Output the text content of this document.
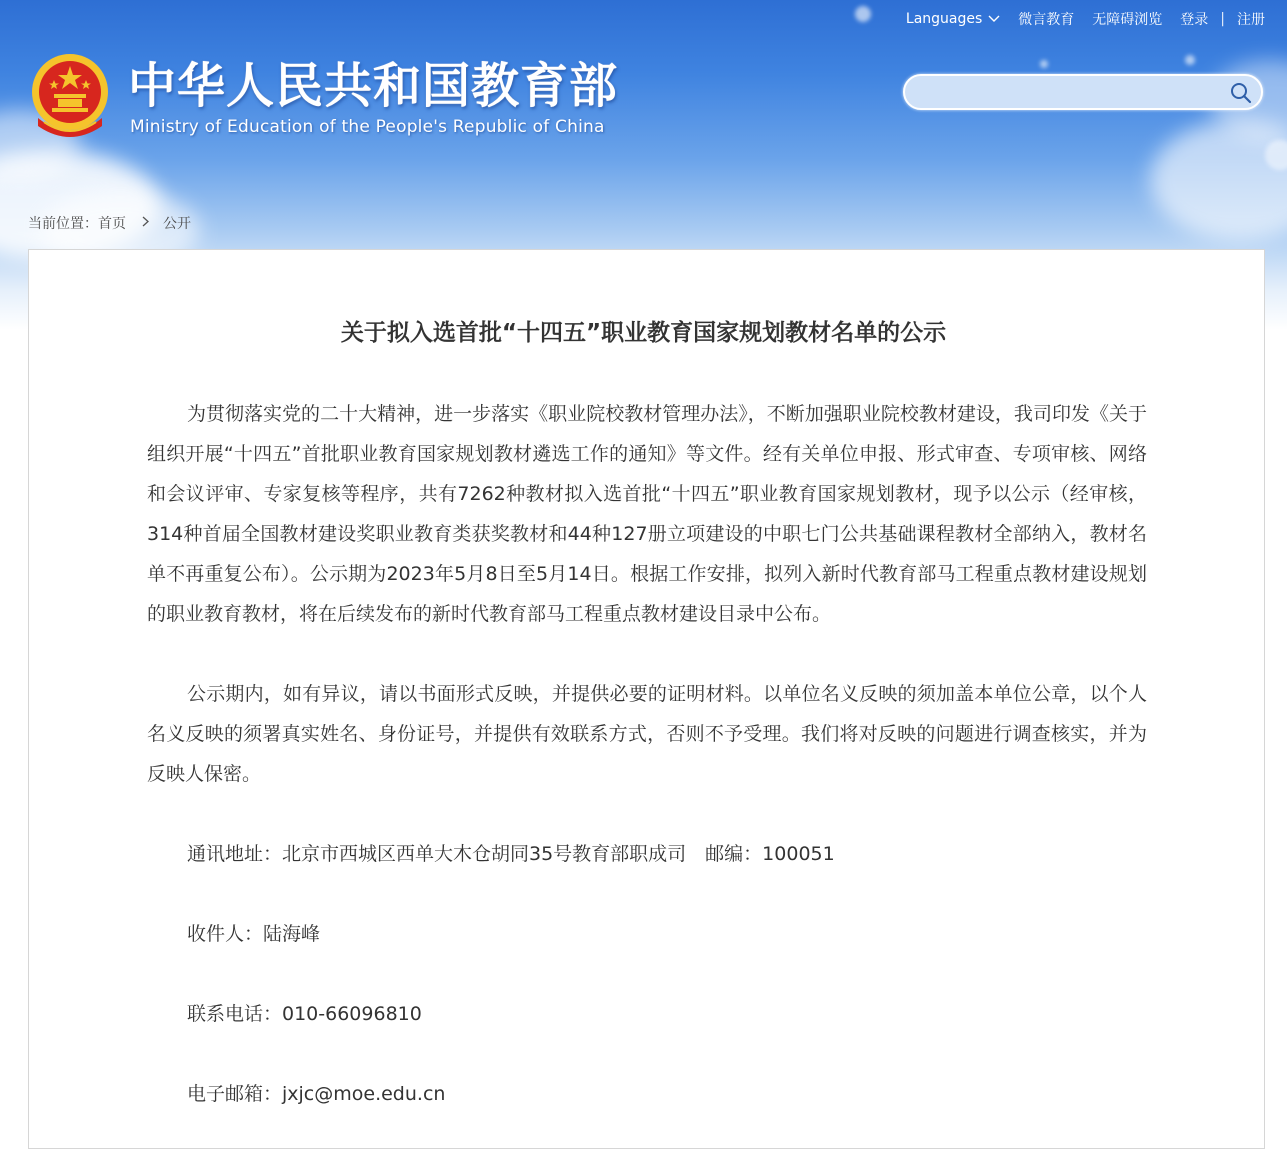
Languages	微言教育 无障碍浏览 登录 | 注册
中华人民共和国教育部
Ministry of Education of the People's Republic of China
当前位置： 首页	公开
关于拟入选首批“十四五”职业教育国家规划教材名单的公示

为贯彻落实党的二十大精神，进一步落实《职业院校教材管理办法》，不断加强职业院校教材建设，我司印发《关于组织开展“十四五”首批职业教育国家规划教材遴选工作的通知》等文件。经有关单位申报、形式审查、专项审核、网络和会议评审、专家复核等程序，共有7262种教材拟入选首批“十四五”职业教育国家规划教材，现予以公示（经审核，314种首届全国教材建设奖职业教育类获奖教材和44种127册立项建设的中职七门公共基础课程教材全部纳入，教材名单不再重复公布）。公示期为2023年5月8日至5月14日。根据工作安排，拟列入新时代教育部马工程重点教材建设规划的职业教育教材，将在后续发布的新时代教育部马工程重点教材建设目录中公布。

公示期内，如有异议，请以书面形式反映，并提供必要的证明材料。以单位名义反映的须加盖本单位公章，以个人名义反映的须署真实姓名、身份证号，并提供有效联系方式，否则不予受理。我们将对反映的问题进行调查核实，并为反映人保密。

通讯地址：北京市西城区西单大木仓胡同35号教育部职成司　邮编：100051

收件人：陆海峰

联系电话：010-66096810

电子邮箱：jxjc@moe.edu.cn
